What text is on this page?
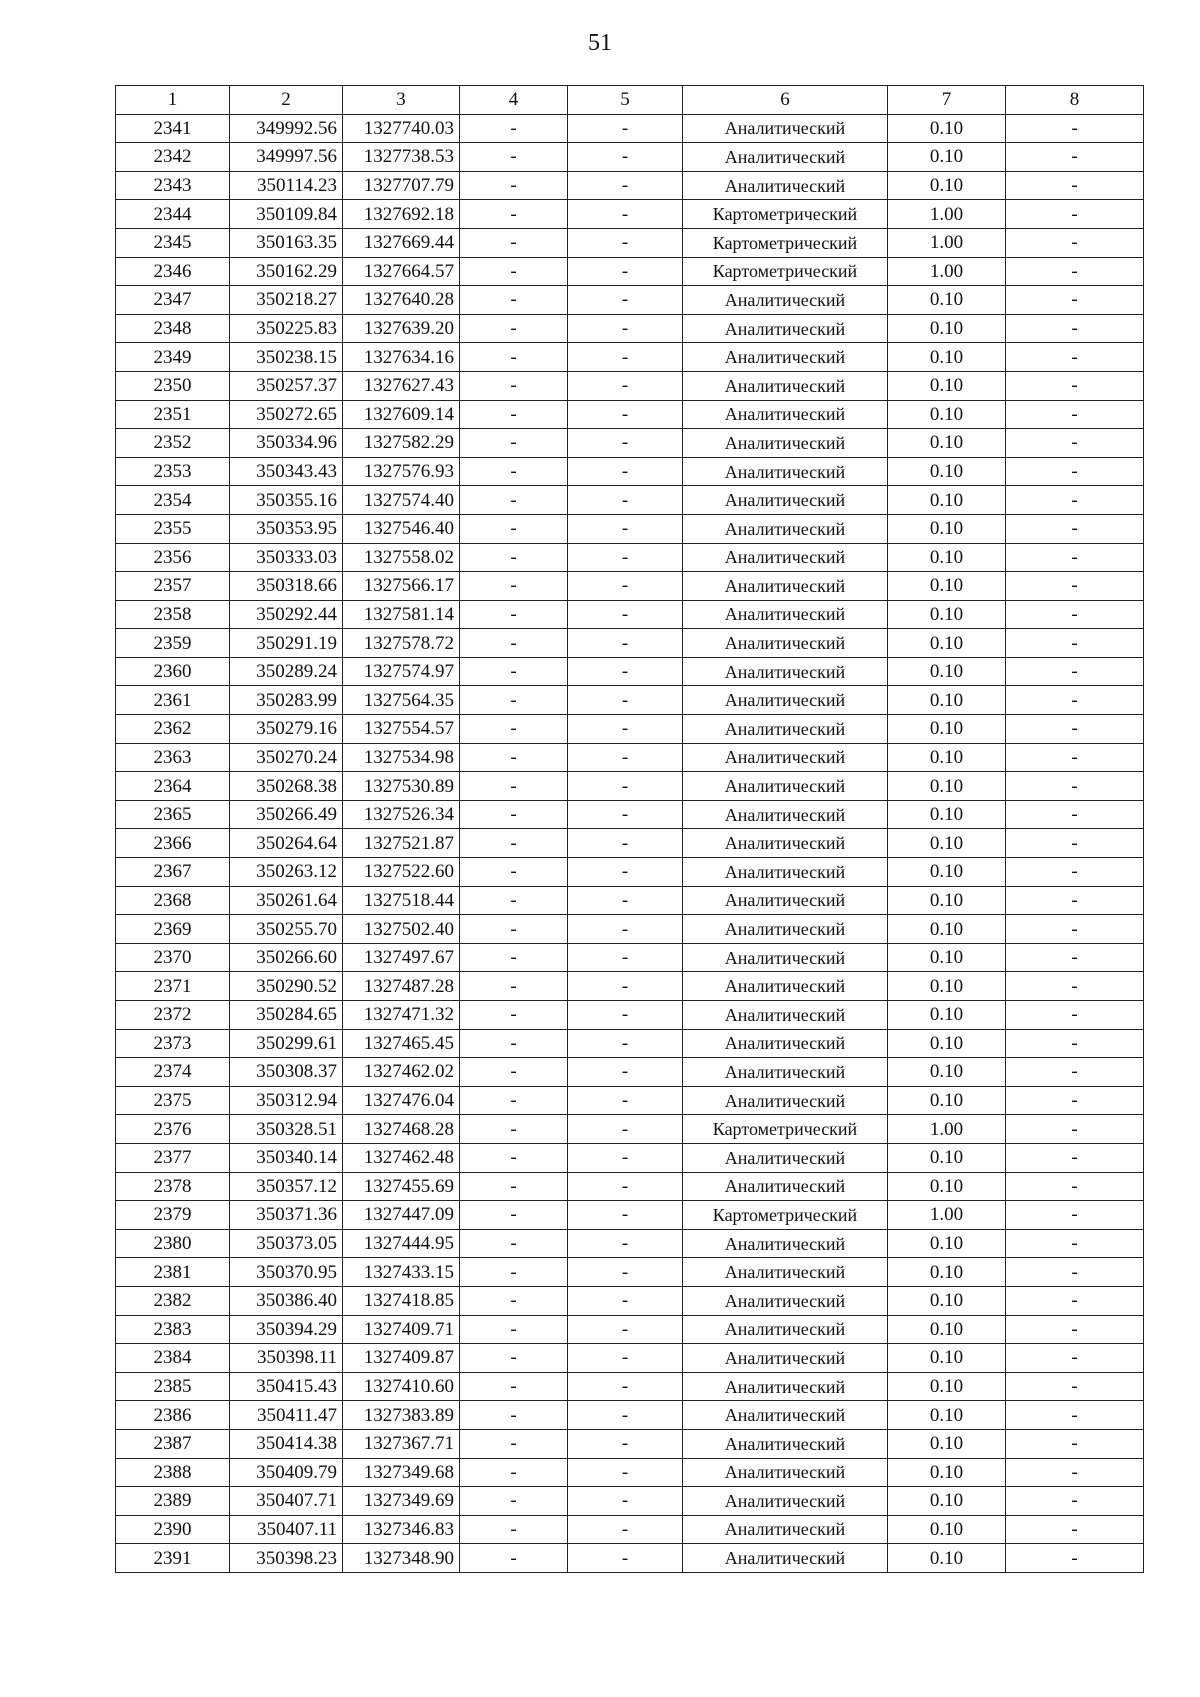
51
1	2	3	4	5	6	7	8
2341	349992.56	1327740.03	-	-	Аналитический	0.10	-
2342	349997.56	1327738.53	-	-	Аналитический	0.10	-
2343	350114.23	1327707.79	-	-	Аналитический	0.10	-
2344	350109.84	1327692.18	-	-	Картометрический	1.00	-
2345	350163.35	1327669.44	-	-	Картометрический	1.00	-
2346	350162.29	1327664.57	-	-	Картометрический	1.00	-
2347	350218.27	1327640.28	-	-	Аналитический	0.10	-
2348	350225.83	1327639.20	-	-	Аналитический	0.10	-
2349	350238.15	1327634.16	-	-	Аналитический	0.10	-
2350	350257.37	1327627.43	-	-	Аналитический	0.10	-
2351	350272.65	1327609.14	-	-	Аналитический	0.10	-
2352	350334.96	1327582.29	-	-	Аналитический	0.10	-
2353	350343.43	1327576.93	-	-	Аналитический	0.10	-
2354	350355.16	1327574.40	-	-	Аналитический	0.10	-
2355	350353.95	1327546.40	-	-	Аналитический	0.10	-
2356	350333.03	1327558.02	-	-	Аналитический	0.10	-
2357	350318.66	1327566.17	-	-	Аналитический	0.10	-
2358	350292.44	1327581.14	-	-	Аналитический	0.10	-
2359	350291.19	1327578.72	-	-	Аналитический	0.10	-
2360	350289.24	1327574.97	-	-	Аналитический	0.10	-
2361	350283.99	1327564.35	-	-	Аналитический	0.10	-
2362	350279.16	1327554.57	-	-	Аналитический	0.10	-
2363	350270.24	1327534.98	-	-	Аналитический	0.10	-
2364	350268.38	1327530.89	-	-	Аналитический	0.10	-
2365	350266.49	1327526.34	-	-	Аналитический	0.10	-
2366	350264.64	1327521.87	-	-	Аналитический	0.10	-
2367	350263.12	1327522.60	-	-	Аналитический	0.10	-
2368	350261.64	1327518.44	-	-	Аналитический	0.10	-
2369	350255.70	1327502.40	-	-	Аналитический	0.10	-
2370	350266.60	1327497.67	-	-	Аналитический	0.10	-
2371	350290.52	1327487.28	-	-	Аналитический	0.10	-
2372	350284.65	1327471.32	-	-	Аналитический	0.10	-
2373	350299.61	1327465.45	-	-	Аналитический	0.10	-
2374	350308.37	1327462.02	-	-	Аналитический	0.10	-
2375	350312.94	1327476.04	-	-	Аналитический	0.10	-
2376	350328.51	1327468.28	-	-	Картометрический	1.00	-
2377	350340.14	1327462.48	-	-	Аналитический	0.10	-
2378	350357.12	1327455.69	-	-	Аналитический	0.10	-
2379	350371.36	1327447.09	-	-	Картометрический	1.00	-
2380	350373.05	1327444.95	-	-	Аналитический	0.10	-
2381	350370.95	1327433.15	-	-	Аналитический	0.10	-
2382	350386.40	1327418.85	-	-	Аналитический	0.10	-
2383	350394.29	1327409.71	-	-	Аналитический	0.10	-
2384	350398.11	1327409.87	-	-	Аналитический	0.10	-
2385	350415.43	1327410.60	-	-	Аналитический	0.10	-
2386	350411.47	1327383.89	-	-	Аналитический	0.10	-
2387	350414.38	1327367.71	-	-	Аналитический	0.10	-
2388	350409.79	1327349.68	-	-	Аналитический	0.10	-
2389	350407.71	1327349.69	-	-	Аналитический	0.10	-
2390	350407.11	1327346.83	-	-	Аналитический	0.10	-
2391	350398.23	1327348.90	-	-	Аналитический	0.10	-
